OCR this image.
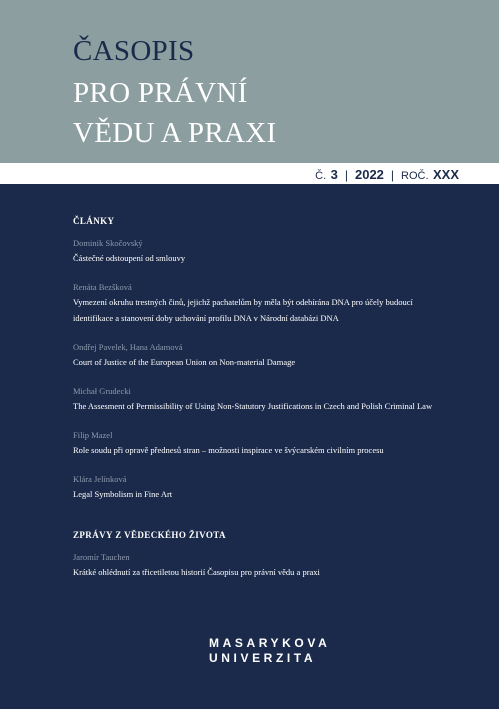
ČASOPIS
PRO PRÁVNÍ
VĚDU A PRAXI
Č.
3 | 2022 | ROČ.
XXX
ČLÁNKY
Dominik Skočovský
Částečné odstoupení od smlouvy
Renáta Bezšková
Vymezení okruhu trestných činů, jejichž pachatelům by měla být odebírána DNA pro účely budoucí identifikace a stanovení doby uchování profilu DNA v Národní databázi DNA
Ondřej Pavelek, Hana Adamová
Court of Justice of the European Union on Non-material Damage
Michał Grudecki
The Assesment of Permissibility of Using Non-Statutory Justifications in Czech and Polish Criminal Law
Filip Mazel
Role soudu při opravě přednesů stran – možnosti inspirace ve švýcarském civilním procesu
Klára Jelínková
Legal Symbolism in Fine Art
ZPRÁVY Z VĚDECKÉHO ŽIVOTA
Jaromír Tauchen
Krátké ohlédnutí za třicetiletou historií Časopisu pro právní vědu a praxi
MASARYKOVA
UNIVERZITA
